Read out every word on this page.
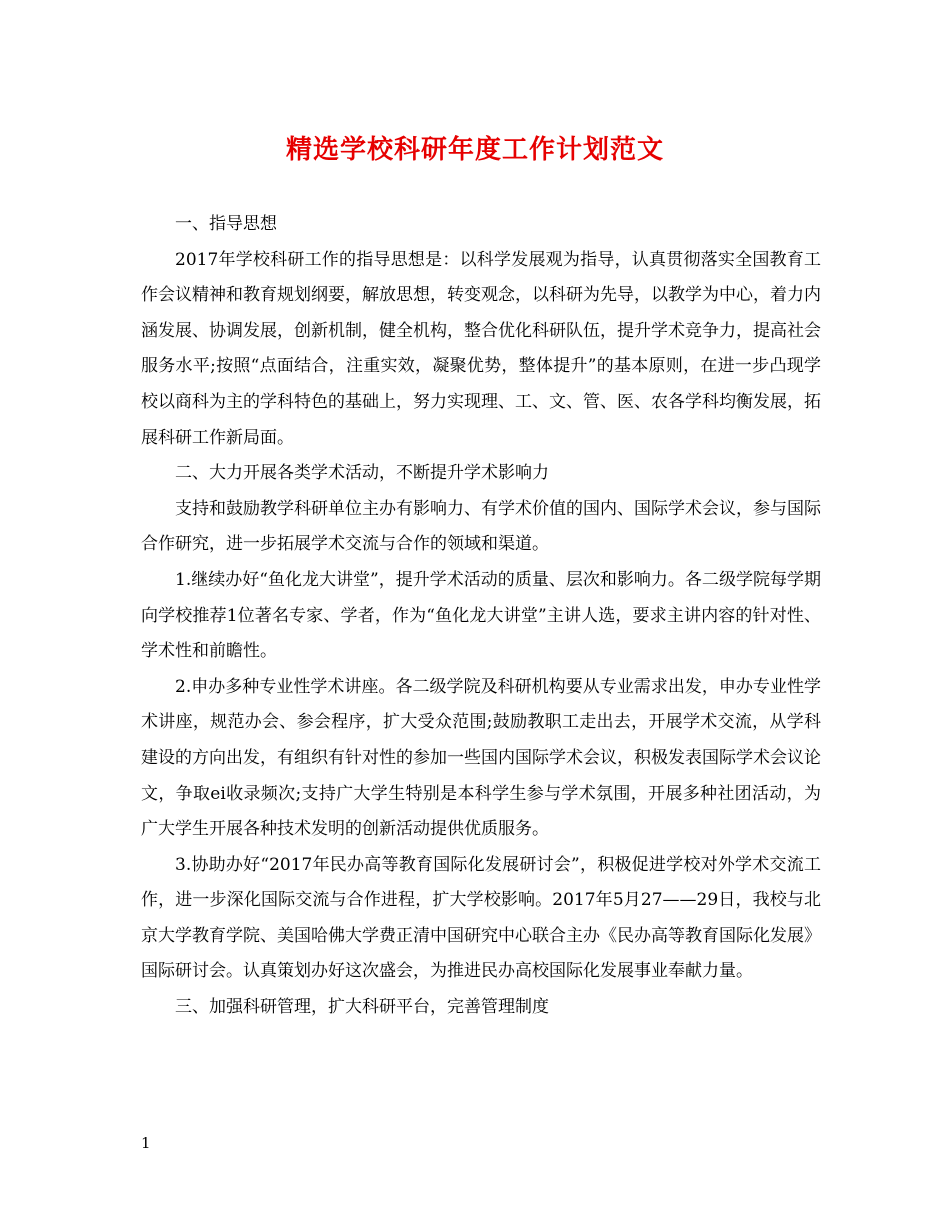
精选学校科研年度工作计划范文

一、指导思想

2017年学校科研工作的指导思想是：以科学发展观为指导，认真贯彻落实全国教育工作会议精神和教育规划纲要，解放思想，转变观念，以科研为先导，以教学为中心，着力内涵发展、协调发展，创新机制，健全机构，整合优化科研队伍，提升学术竞争力，提高社会服务水平;按照“点面结合，注重实效，凝聚优势，整体提升”的基本原则，在进一步凸现学校以商科为主的学科特色的基础上，努力实现理、工、文、管、医、农各学科均衡发展，拓展科研工作新局面。

二、大力开展各类学术活动，不断提升学术影响力

支持和鼓励教学科研单位主办有影响力、有学术价值的国内、国际学术会议，参与国际合作研究，进一步拓展学术交流与合作的领域和渠道。

1.继续办好“鱼化龙大讲堂”，提升学术活动的质量、层次和影响力。各二级学院每学期向学校推荐1位著名专家、学者，作为“鱼化龙大讲堂”主讲人选，要求主讲内容的针对性、学术性和前瞻性。

2.申办多种专业性学术讲座。各二级学院及科研机构要从专业需求出发，申办专业性学术讲座，规范办会、参会程序，扩大受众范围;鼓励教职工走出去，开展学术交流，从学科建设的方向出发，有组织有针对性的参加一些国内国际学术会议，积极发表国际学术会议论文，争取ei收录频次;支持广大学生特别是本科学生参与学术氛围，开展多种社团活动，为广大学生开展各种技术发明的创新活动提供优质服务。

3.协助办好“2017年民办高等教育国际化发展研讨会”，积极促进学校对外学术交流工作，进一步深化国际交流与合作进程，扩大学校影响。2017年5月27——29日，我校与北京大学教育学院、美国哈佛大学费正清中国研究中心联合主办《民办高等教育国际化发展》国际研讨会。认真策划办好这次盛会，为推进民办高校国际化发展事业奉献力量。

三、加强科研管理，扩大科研平台，完善管理制度

1
